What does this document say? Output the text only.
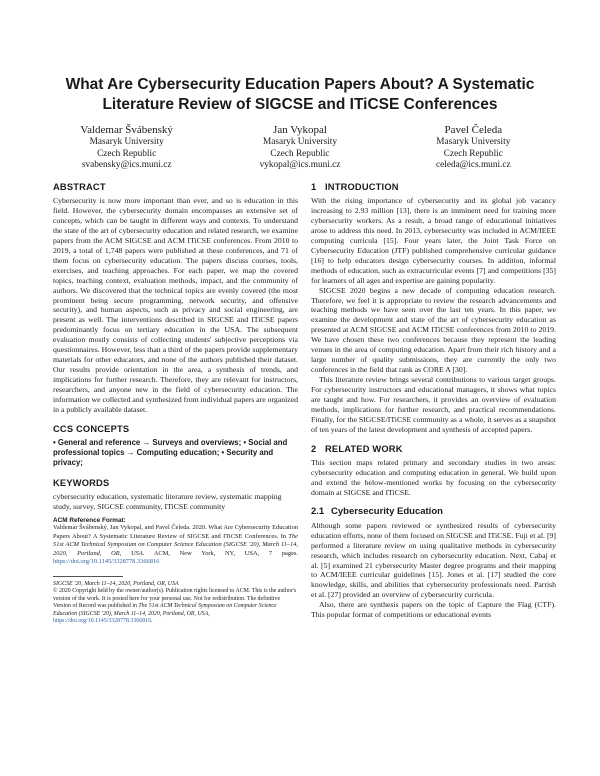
What Are Cybersecurity Education Papers About? A Systematic Literature Review of SIGCSE and ITiCSE Conferences
Valdemar Švábenský
Masaryk University
Czech Republic
svabensky@ics.muni.cz
Jan Vykopal
Masaryk University
Czech Republic
vykopal@ics.muni.cz
Pavel Čeleda
Masaryk University
Czech Republic
celeda@ics.muni.cz
ABSTRACT

Cybersecurity is now more important than ever, and so is education in this field. However, the cybersecurity domain encompasses an extensive set of concepts, which can be taught in different ways and contexts. To understand the state of the art of cybersecurity education and related research, we examine papers from the ACM SIGCSE and ACM ITiCSE conferences. From 2010 to 2019, a total of 1,748 papers were published at these conferences, and 71 of them focus on cybersecurity education. The papers discuss courses, tools, exercises, and teaching approaches. For each paper, we map the covered topics, teaching context, evaluation methods, impact, and the community of authors. We discovered that the technical topics are evenly covered (the most prominent being secure programming, network security, and offensive security), and human aspects, such as privacy and social engineering, are present as well. The interventions described in SIGCSE and ITiCSE papers predominantly focus on tertiary education in the USA. The subsequent evaluation mostly consists of collecting students' subjective perceptions via questionnaires. However, less than a third of the papers provide supplementary materials for other educators, and none of the authors published their dataset. Our results provide orientation in the area, a synthesis of trends, and implications for further research. Therefore, they are relevant for instructors, researchers, and anyone new in the field of cybersecurity education. The information we collected and synthesized from individual papers are organized in a publicly available dataset.

CCS CONCEPTS
• General and reference → Surveys and overviews; • Social and professional topics → Computing education; • Security and privacy;
KEYWORDS

cybersecurity education, systematic literature review, systematic mapping study, survey, SIGCSE community, ITiCSE community

ACM Reference Format:

Valdemar Švábenský, Jan Vykopal, and Pavel Čeleda. 2020. What Are Cybersecurity Education Papers About? A Systematic Literature Review of SIGCSE and ITiCSE Conferences. In The 51st ACM Technical Symposium on Computer Science Education (SIGCSE '20), March 11–14, 2020, Portland, OR, USA. ACM, New York, NY, USA, 7 pages. https://doi.org/10.1145/3328778.3366816

SIGCSE '20, March 11–14, 2020, Portland, OR, USA

© 2020 Copyright held by the owner/author(s). Publication rights licensed to ACM. This is the author's version of the work. It is posted here for your personal use. Not for redistribution. The definitive Version of Record was published in The 51st ACM Technical Symposium on Computer Science Education (SIGCSE '20), March 11–14, 2020, Portland, OR, USA, https://doi.org/10.1145/3328778.3366816.

1 INTRODUCTION

With the rising importance of cybersecurity and its global job vacancy increasing to 2.93 million [13], there is an imminent need for training more cybersecurity workers. As a result, a broad range of educational initiatives arose to address this need. In 2013, cybersecurity was included in ACM/IEEE computing curricula [15]. Four years later, the Joint Task Force on Cybersecurity Education (JTF) published comprehensive curricular guidance [16] to help educators design cybersecurity courses. In addition, informal methods of education, such as extracurricular events [7] and competitions [35] for learners of all ages and expertise are gaining popularity.

SIGCSE 2020 begins a new decade of computing education research. Therefore, we feel it is appropriate to review the research advancements and teaching methods we have seen over the last ten years. In this paper, we examine the development and state of the art of cybersecurity education as presented at ACM SIGCSE and ACM ITiCSE conferences from 2010 to 2019. We have chosen these two conferences because they represent the leading venues in the area of computing education. Apart from their rich history and a large number of quality submissions, they are currently the only two conferences in the field that rank as CORE A [30].

This literature review brings several contributions to various target groups. For cybersecurity instructors and educational managers, it shows what topics are taught and how. For researchers, it provides an overview of evaluation methods, implications for further research, and practical recommendations. Finally, for the SIGCSE/ITiCSE community as a whole, it serves as a snapshot of ten years of the latest development and synthesis of accepted papers.

2 RELATED WORK

This section maps related primary and secondary studies in two areas: cybersecurity education and computing education in general. We build upon and extend the below-mentioned works by focusing on the cybersecurity domain at SIGCSE and ITiCSE.

2.1 Cybersecurity Education

Although some papers reviewed or synthesized results of cybersecurity education efforts, none of them focused on SIGCSE and ITiCSE. Fuji et al. [9] performed a literature review on using qualitative methods in cybersecurity research, which includes research on cybersecurity education. Next, Cabaj et al. [5] examined 21 cybersecurity Master degree programs and their mapping to ACM/IEEE curricular guidelines [15]. Jones et al. [17] studied the core knowledge, skills, and abilities that cybersecurity professionals need. Parrish et al. [27] provided an overview of cybersecurity curricula.

Also, there are synthesis papers on the topic of Capture the Flag (CTF). This popular format of competitions or educational events
